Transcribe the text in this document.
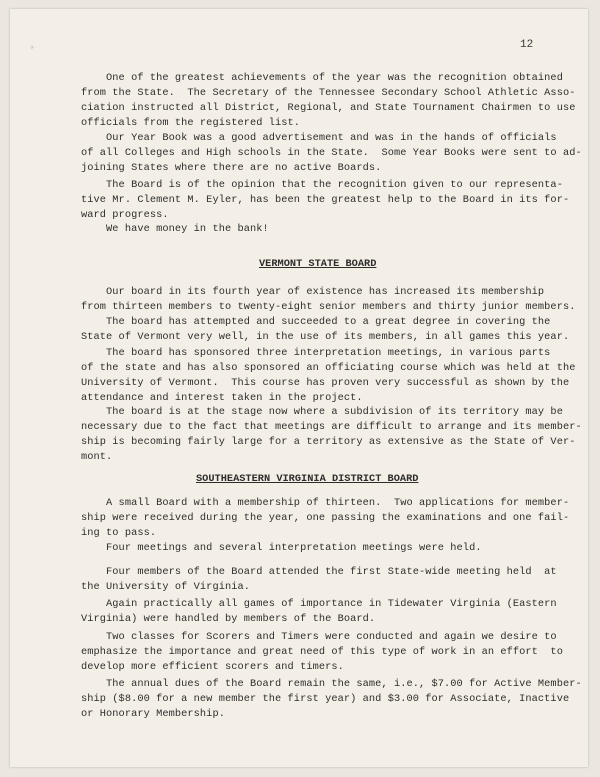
ª	12

One of the greatest achievements of the year was the recognition obtained
from the State.  The Secretary of the Tennessee Secondary School Athletic Asso-
ciation instructed all District, Regional, and State Tournament Chairmen to use
officials from the registered list.

Our Year Book was a good advertisement and was in the hands of officials
of all Colleges and High schools in the State.  Some Year Books were sent to ad-
joining States where there are no active Boards.

The Board is of the opinion that the recognition given to our representa-
tive Mr. Clement M. Eyler, has been the greatest help to the Board in its for-
ward progress.

We have money in the bank!

VERMONT STATE BOARD

Our board in its fourth year of existence has increased its membership
from thirteen members to twenty-eight senior members and thirty junior members.

The board has attempted and succeeded to a great degree in covering the
State of Vermont very well, in the use of its members, in all games this year.

The board has sponsored three interpretation meetings, in various parts
of the state and has also sponsored an officiating course which was held at the
University of Vermont.  This course has proven very successful as shown by the
attendance and interest taken in the project.

The board is at the stage now where a subdivision of its territory may be
necessary due to the fact that meetings are difficult to arrange and its member-
ship is becoming fairly large for a territory as extensive as the State of Ver-
mont.

SOUTHEASTERN VIRGINIA DISTRICT BOARD

A small Board with a membership of thirteen.  Two applications for member-
ship were received during the year, one passing the examinations and one fail-
ing to pass.

Four meetings and several interpretation meetings were held.

Four members of the Board attended the first State-wide meeting held  at
the University of Virginia.

Again practically all games of importance in Tidewater Virginia (Eastern
Virginia) were handled by members of the Board.

Two classes for Scorers and Timers were conducted and again we desire to
emphasize the importance and great need of this type of work in an effort  to
develop more efficient scorers and timers.

The annual dues of the Board remain the same, i.e., $7.00 for Active Member-
ship ($8.00 for a new member the first year) and $3.00 for Associate, Inactive
or Honorary Membership.
